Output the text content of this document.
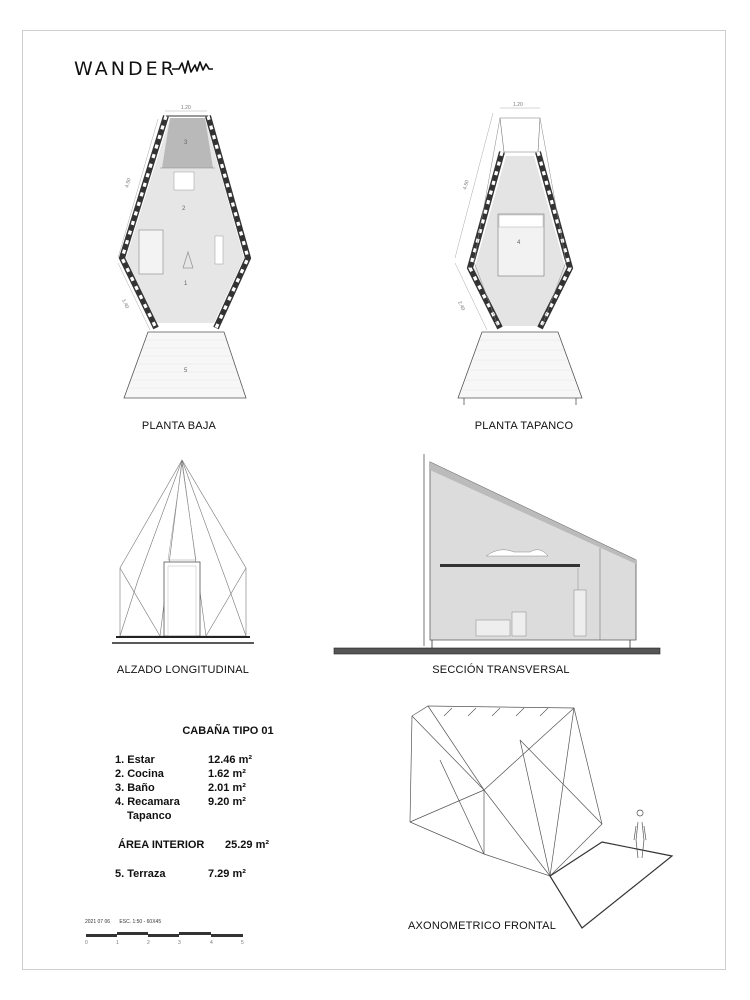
WANDER
1.20
4.50
1.40
3
2
1
5
PLANTA BAJA
1.20
4.50
2.40
4
PLANTA TAPANCO
ALZADO LONGITUDINAL	SECCIÓN TRANSVERSAL
AXONOMETRICO FRONTAL
CABAÑA TIPO 01
1. Estar	12.46 m²
2. Cocina	1.62 m²
3. Baño	2.01 m²
4. Recamara	9.20 m²
Tapanco
ÁREA INTERIOR	25.29 m²
5. Terraza	7.29 m²
2021 07 06 ESC. 1:50 - 60X45
0	1	2	3	4	5
